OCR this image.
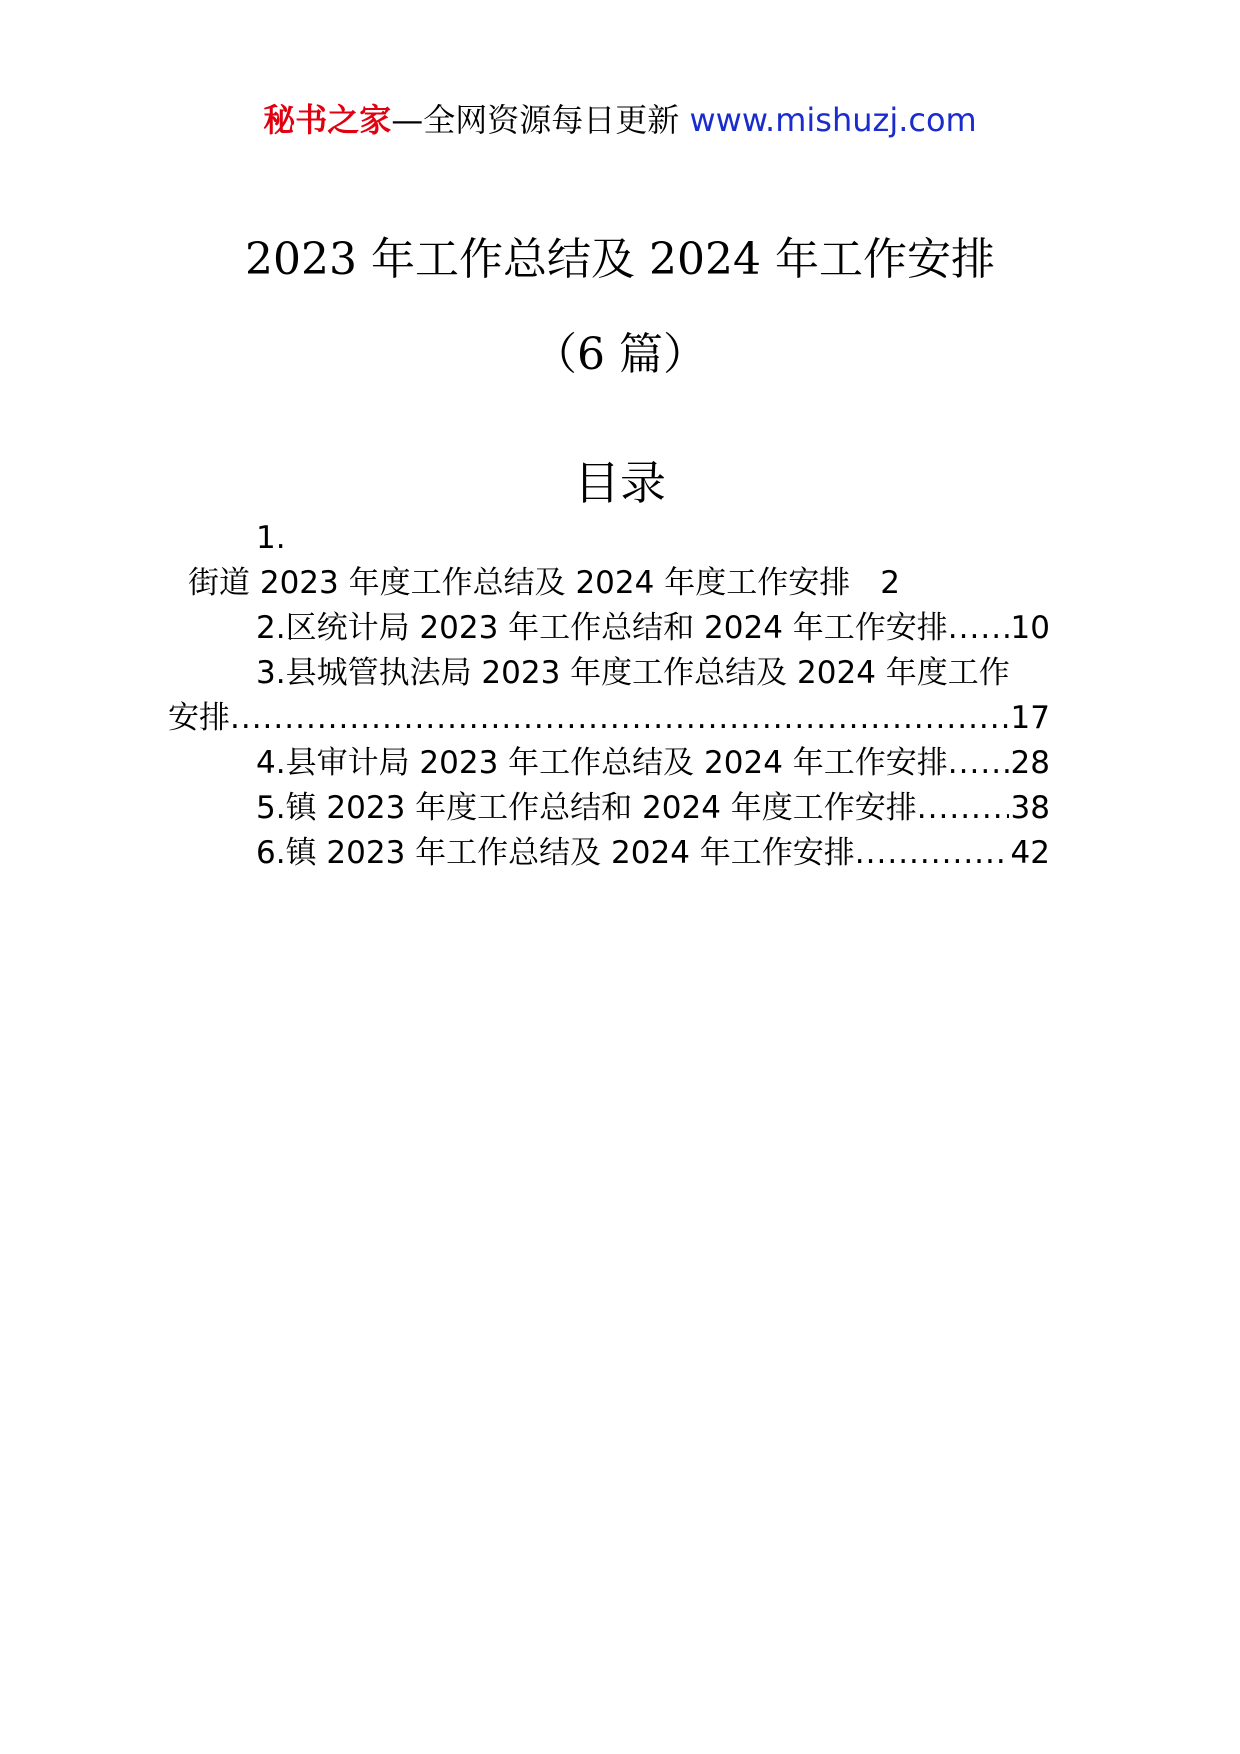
秘书之家—全网资源每日更新 www.mishuzj.com
2023 年工作总结及 2024 年工作安排
（6 篇）
目录
1.
街道 2023 年度工作总结及 2024 年度工作安排 2
2. 区统计局 2023 年工作总结和 2024 年工作安排 ..... 10
3. 县城管执法局 2023 年度工作总结及 2024 年度工作
安排 .....	17
4. 县审计局 2023 年工作总结及 2024 年工作安排 ..... 28
5. 镇 2023 年度工作总结和 2024 年度工作安排 .....	38
6. 镇 2023 年工作总结及 2024 年工作安排 .....	42
